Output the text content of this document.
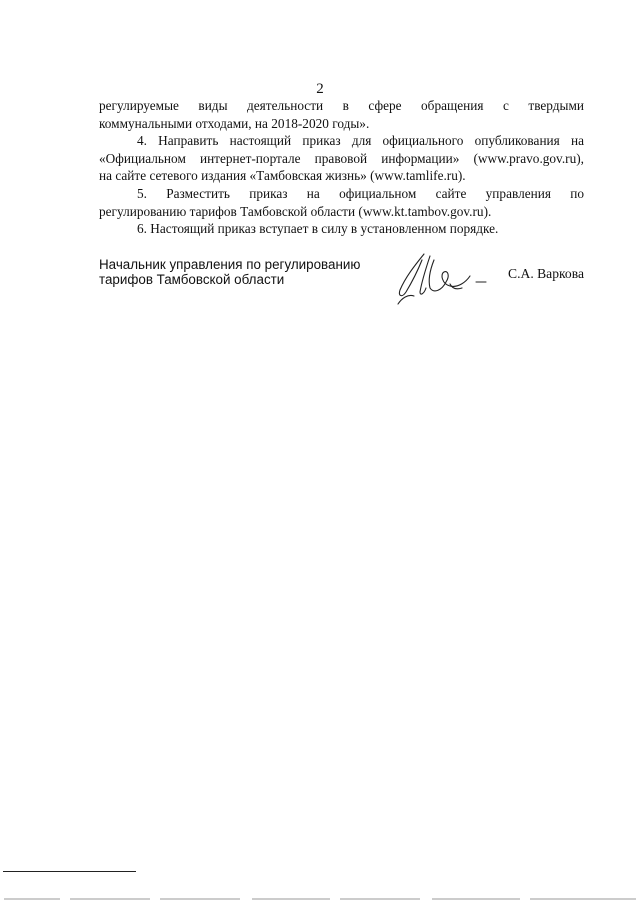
2

регулируемые виды деятельности в сфере обращения с твердыми
коммунальными отходами, на 2018-2020 годы».

4. Направить настоящий приказ для официального опубликования на
«Официальном интернет-портале правовой информации» (www.pravo.gov.ru),
на сайте сетевого издания «Тамбовская жизнь» (www.tamlife.ru).

5. Разместить приказ на официальном сайте управления по
регулированию тарифов Тамбовской области (www.kt.tambov.gov.ru).

6. Настоящий приказ вступает в силу в установленном порядке.

Начальник управления по регулированию
тарифов Тамбовской области	С.А. Варкова
